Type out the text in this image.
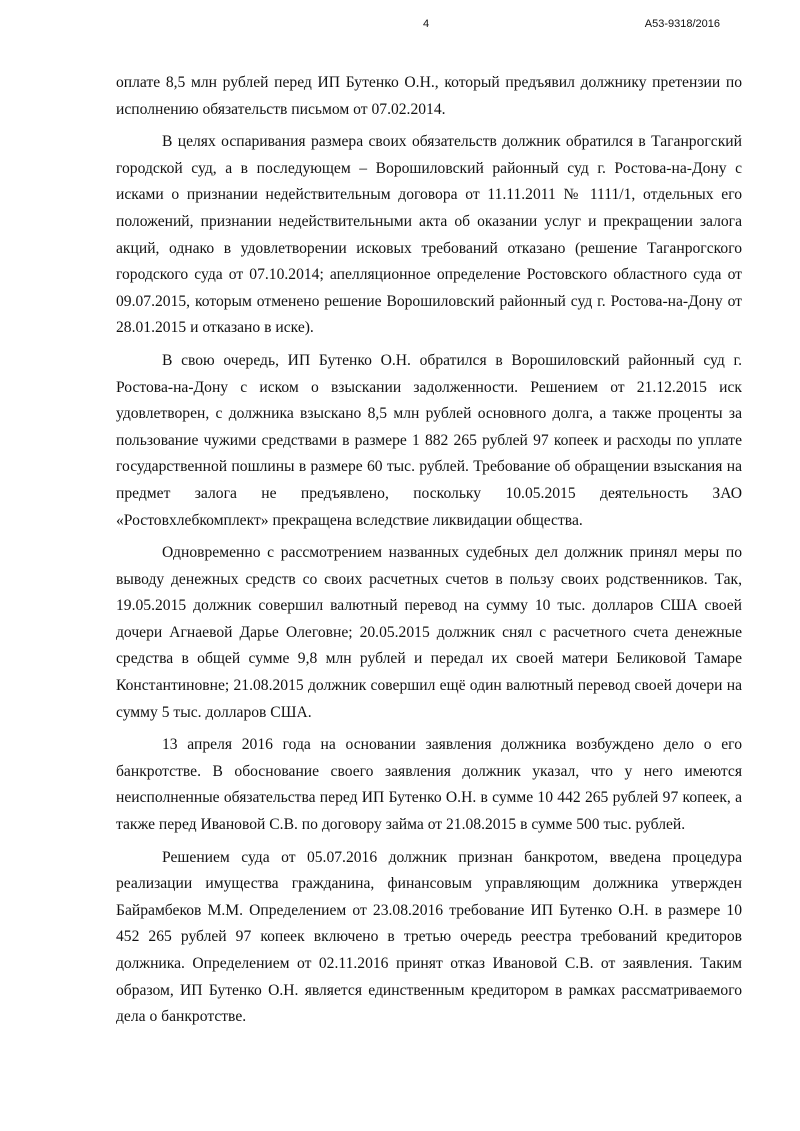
4	А53-9318/2016

оплате 8,5 млн рублей перед ИП Бутенко О.Н., который предъявил должнику претензии по исполнению обязательств письмом от 07.02.2014.

В целях оспаривания размера своих обязательств должник обратился в Таганрогский городской суд, а в последующем – Ворошиловский районный суд г. Ростова-на-Дону с исками о признании недействительным договора от 11.11.2011 № 1111/1, отдельных его положений, признании недействительными акта об оказании услуг и прекращении залога акций, однако в удовлетворении исковых требований отказано (решение Таганрогского городского суда от 07.10.2014; апелляционное определение Ростовского областного суда от 09.07.2015, которым отменено решение Ворошиловский районный суд г. Ростова-на-Дону от 28.01.2015 и отказано в иске).

В свою очередь, ИП Бутенко О.Н. обратился в Ворошиловский районный суд г. Ростова-на-Дону с иском о взыскании задолженности. Решением от 21.12.2015 иск удовлетворен, с должника взыскано 8,5 млн рублей основного долга, а также проценты за пользование чужими средствами в размере 1 882 265 рублей 97 копеек и расходы по уплате государственной пошлины в размере 60 тыс. рублей. Требование об обращении взыскания на предмет залога не предъявлено, поскольку 10.05.2015 деятельность ЗАО «Ростовхлебкомплект» прекращена вследствие ликвидации общества.

Одновременно с рассмотрением названных судебных дел должник принял меры по выводу денежных средств со своих расчетных счетов в пользу своих родственников. Так, 19.05.2015 должник совершил валютный перевод на сумму 10 тыс. долларов США своей дочери Агнаевой Дарье Олеговне; 20.05.2015 должник снял с расчетного счета денежные средства в общей сумме 9,8 млн рублей и передал их своей матери Беликовой Тамаре Константиновне; 21.08.2015 должник совершил ещё один валютный перевод своей дочери на сумму 5 тыс. долларов США.

13 апреля 2016 года на основании заявления должника возбуждено дело о его банкротстве. В обоснование своего заявления должник указал, что у него имеются неисполненные обязательства перед ИП Бутенко О.Н. в сумме 10 442 265 рублей 97 копеек, а также перед Ивановой С.В. по договору займа от 21.08.2015 в сумме 500 тыс. рублей.

Решением суда от 05.07.2016 должник признан банкротом, введена процедура реализации имущества гражданина, финансовым управляющим должника утвержден Байрамбеков М.М. Определением от 23.08.2016 требование ИП Бутенко О.Н. в размере 10 452 265 рублей 97 копеек включено в третью очередь реестра требований кредиторов должника. Определением от 02.11.2016 принят отказ Ивановой С.В. от заявления. Таким образом, ИП Бутенко О.Н. является единственным кредитором в рамках рассматриваемого дела о банкротстве.
